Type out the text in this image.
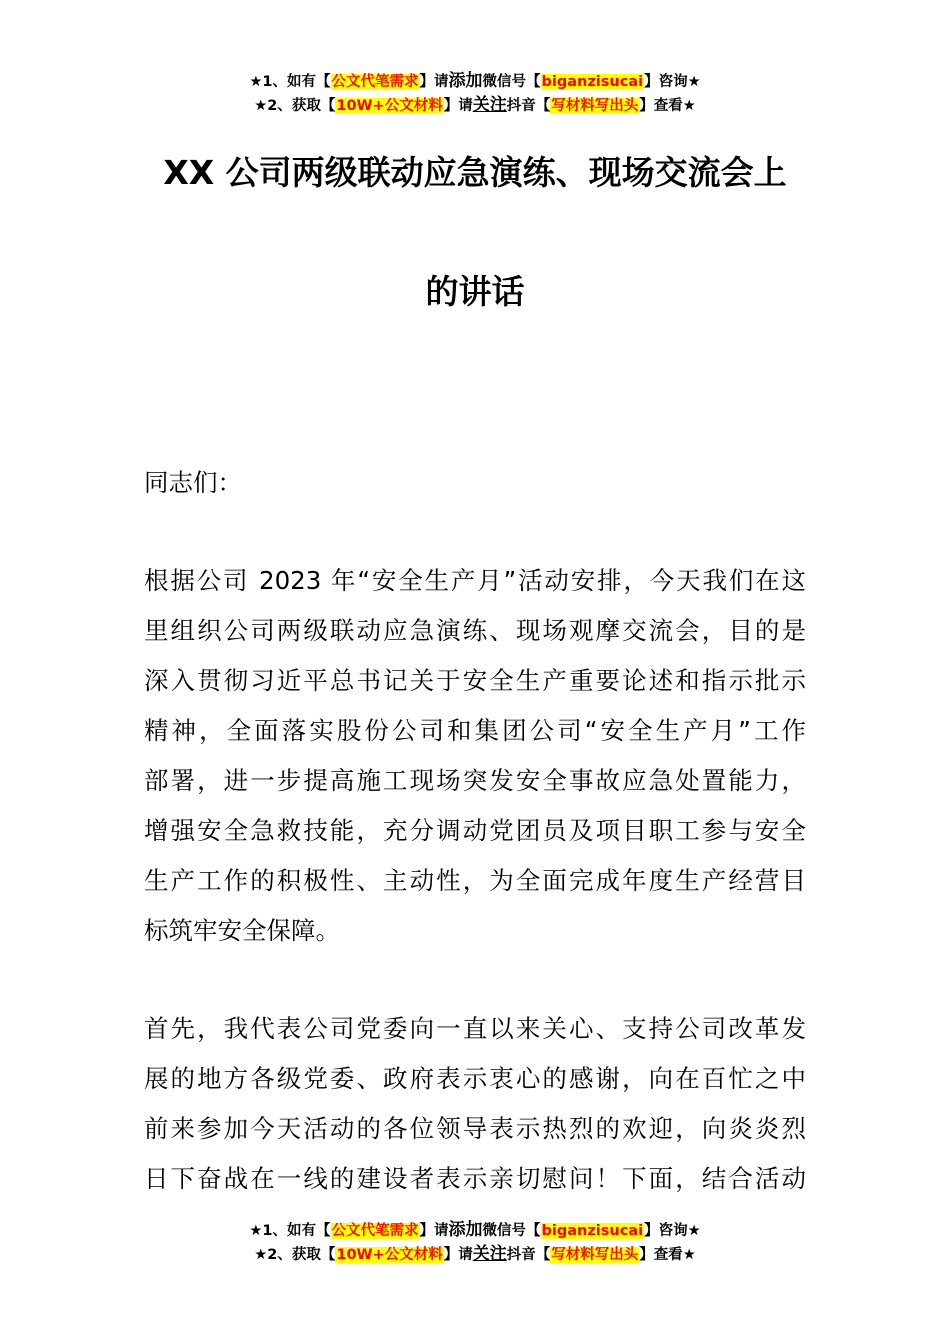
★1、如有【公文代笔需求】请添加微信号【biganzisucai】咨询★
★2、获取【10W+公文材料】请关注抖音【写材料写出头】查看★
XX 公司两级联动应急演练、现场交流会上
的讲话
同志们：
根据公司 2023 年“安全生产月”活动安排，今天我们在这
里组织公司两级联动应急演练、现场观摩交流会，目的是
深入贯彻习近平总书记关于安全生产重要论述和指示批示
精神，全面落实股份公司和集团公司“安全生产月”工作
部署，进一步提高施工现场突发安全事故应急处置能力，
增强安全急救技能，充分调动党团员及项目职工参与安全
生产工作的积极性、主动性，为全面完成年度生产经营目
标筑牢安全保障。
首先，我代表公司党委向一直以来关心、支持公司改革发
展的地方各级党委、政府表示衷心的感谢，向在百忙之中
前来参加今天活动的各位领导表示热烈的欢迎，向炎炎烈
日下奋战在一线的建设者表示亲切慰问！下面，结合活动
★1、如有【公文代笔需求】请添加微信号【biganzisucai】咨询★
★2、获取【10W+公文材料】请关注抖音【写材料写出头】查看★
